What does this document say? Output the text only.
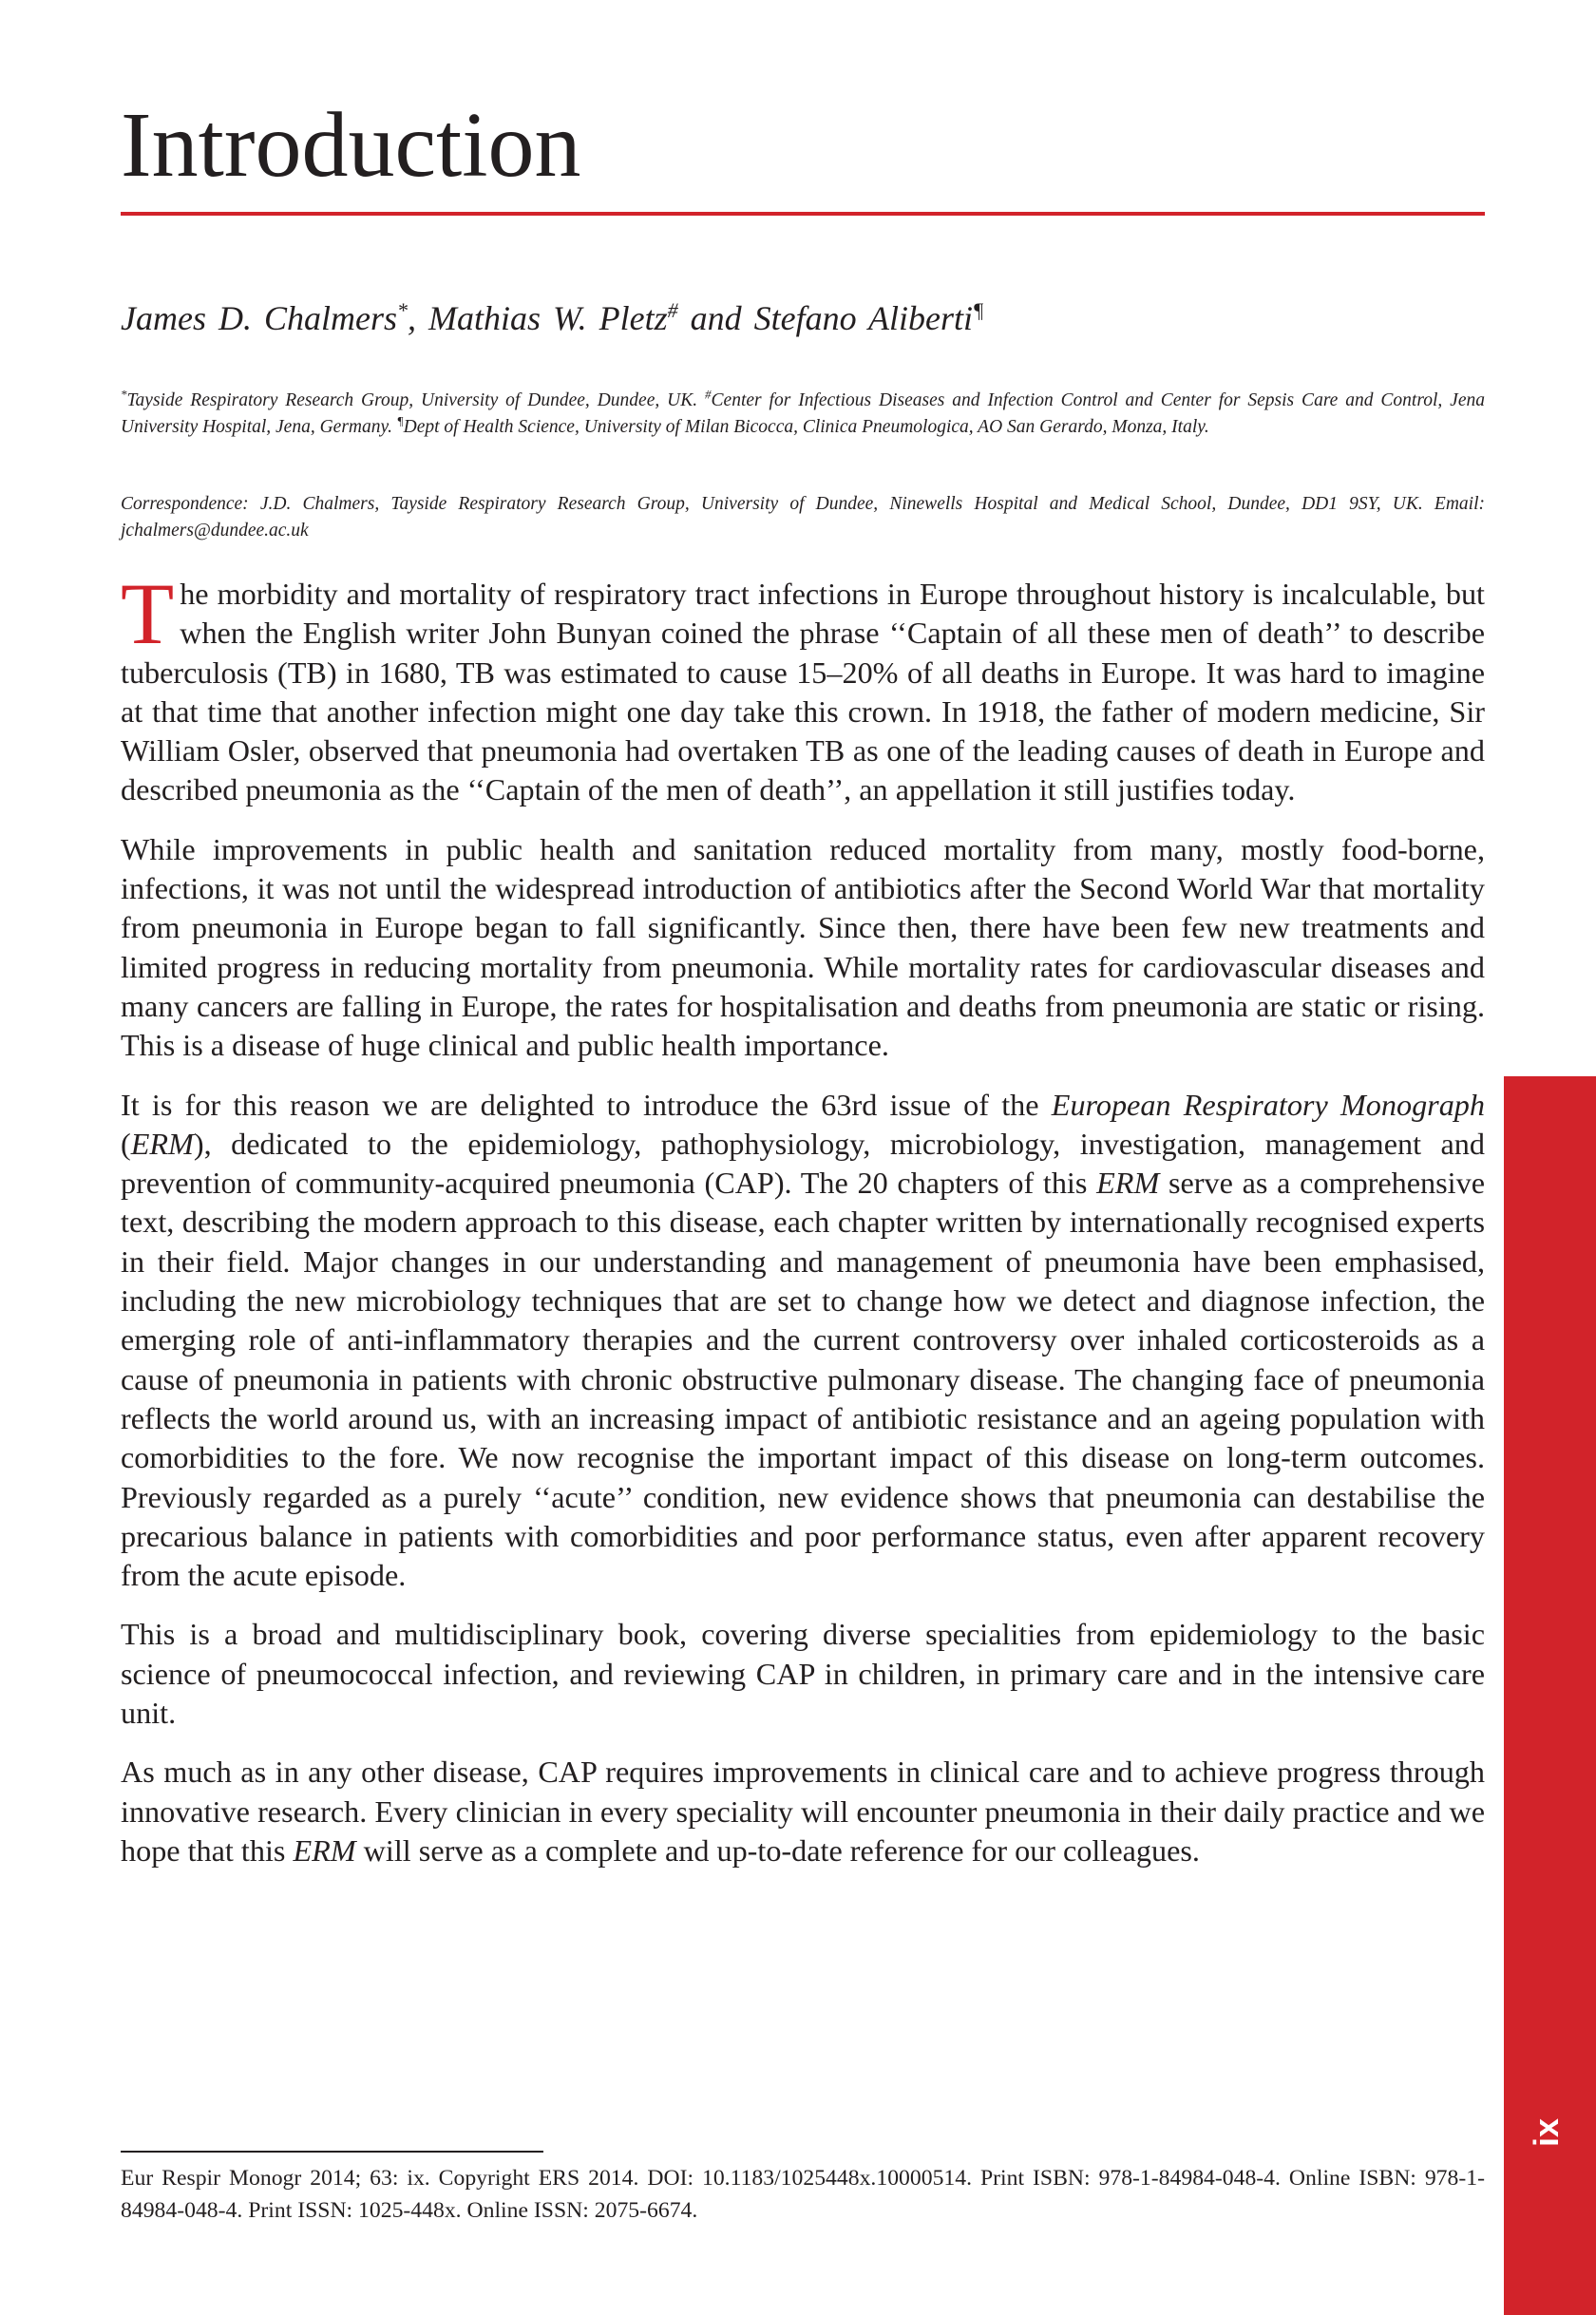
Introduction
James D. Chalmers*, Mathias W. Pletz# and Stefano Aliberti¶
*Tayside Respiratory Research Group, University of Dundee, Dundee, UK. #Center for Infectious Diseases and Infection Control and Center for Sepsis Care and Control, Jena University Hospital, Jena, Germany. ¶Dept of Health Science, University of Milan Bicocca, Clinica Pneumologica, AO San Gerardo, Monza, Italy.
Correspondence: J.D. Chalmers, Tayside Respiratory Research Group, University of Dundee, Ninewells Hospital and Medical School, Dundee, DD1 9SY, UK. Email: jchalmers@dundee.ac.uk

The morbidity and mortality of respiratory tract infections in Europe throughout history is incalculable, but when the English writer John Bunyan coined the phrase ‘‘Captain of all these men of death’’ to describe tuberculosis (TB) in 1680, TB was estimated to cause 15–20% of all deaths in Europe. It was hard to imagine at that time that another infection might one day take this crown. In 1918, the father of modern medicine, Sir William Osler, observed that pneumonia had overtaken TB as one of the leading causes of death in Europe and described pneumonia as the ‘‘Captain of the men of death’’, an appellation it still justifies today.

While improvements in public health and sanitation reduced mortality from many, mostly food-borne, infections, it was not until the widespread introduction of antibiotics after the Second World War that mortality from pneumonia in Europe began to fall significantly. Since then, there have been few new treatments and limited progress in reducing mortality from pneumonia. While mortality rates for cardiovascular diseases and many cancers are falling in Europe, the rates for hospitalisation and deaths from pneumonia are static or rising. This is a disease of huge clinical and public health importance.

It is for this reason we are delighted to introduce the 63rd issue of the European Respiratory Monograph (ERM), dedicated to the epidemiology, pathophysiology, microbiology, investigation, management and prevention of community-acquired pneumonia (CAP). The 20 chapters of this ERM serve as a comprehensive text, describing the modern approach to this disease, each chapter written by internationally recognised experts in their field. Major changes in our understanding and management of pneumonia have been emphasised, including the new microbiology techniques that are set to change how we detect and diagnose infection, the emerging role of anti-inflammatory therapies and the current controversy over inhaled corticosteroids as a cause of pneumonia in patients with chronic obstructive pulmonary disease. The changing face of pneumonia reflects the world around us, with an increasing impact of antibiotic resistance and an ageing population with comorbidities to the fore. We now recognise the important impact of this disease on long-term outcomes. Previously regarded as a purely ‘‘acute’’ condition, new evidence shows that pneumonia can destabilise the precarious balance in patients with comorbidities and poor performance status, even after apparent recovery from the acute episode.

This is a broad and multidisciplinary book, covering diverse specialities from epidemiology to the basic science of pneumococcal infection, and reviewing CAP in children, in primary care and in the intensive care unit.

As much as in any other disease, CAP requires improvements in clinical care and to achieve progress through innovative research. Every clinician in every speciality will encounter pneumonia in their daily practice and we hope that this ERM will serve as a complete and up-to-date reference for our colleagues.

Eur Respir Monogr 2014; 63: ix. Copyright ERS 2014. DOI: 10.1183/1025448x.10000514. Print ISBN: 978-1-84984-048-4. Online ISBN: 978-1-84984-048-4. Print ISSN: 1025-448x. Online ISSN: 2075-6674.
ix
